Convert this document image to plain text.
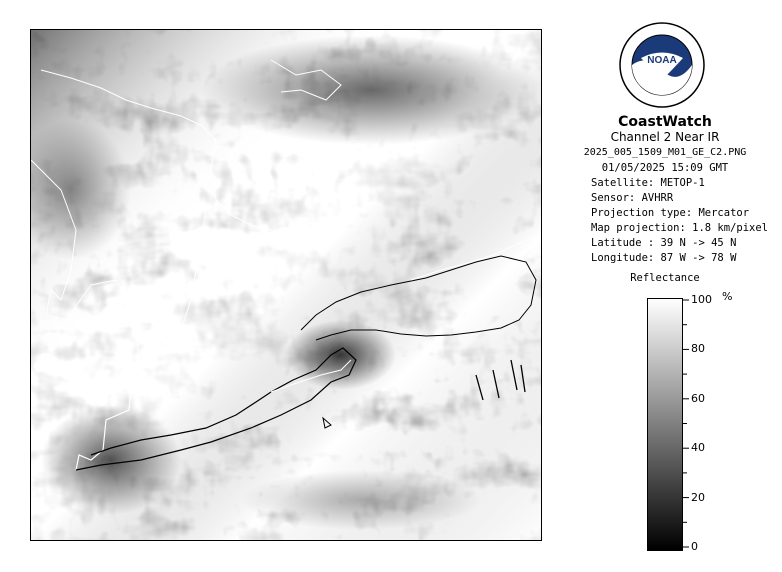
NOAA
CoastWatch
Channel 2 Near IR
2025_005_1509_M01_GE_C2.PNG
01/05/2025 15:09 GMT
Satellite: METOP-1
Sensor: AVHRR
Projection type: Mercator
Map projection: 1.8 km/pixel
Latitude : 39 N -> 45 N
Longitude: 87 W -> 78 W
Reflectance
%
100
80
60
40
20
0
